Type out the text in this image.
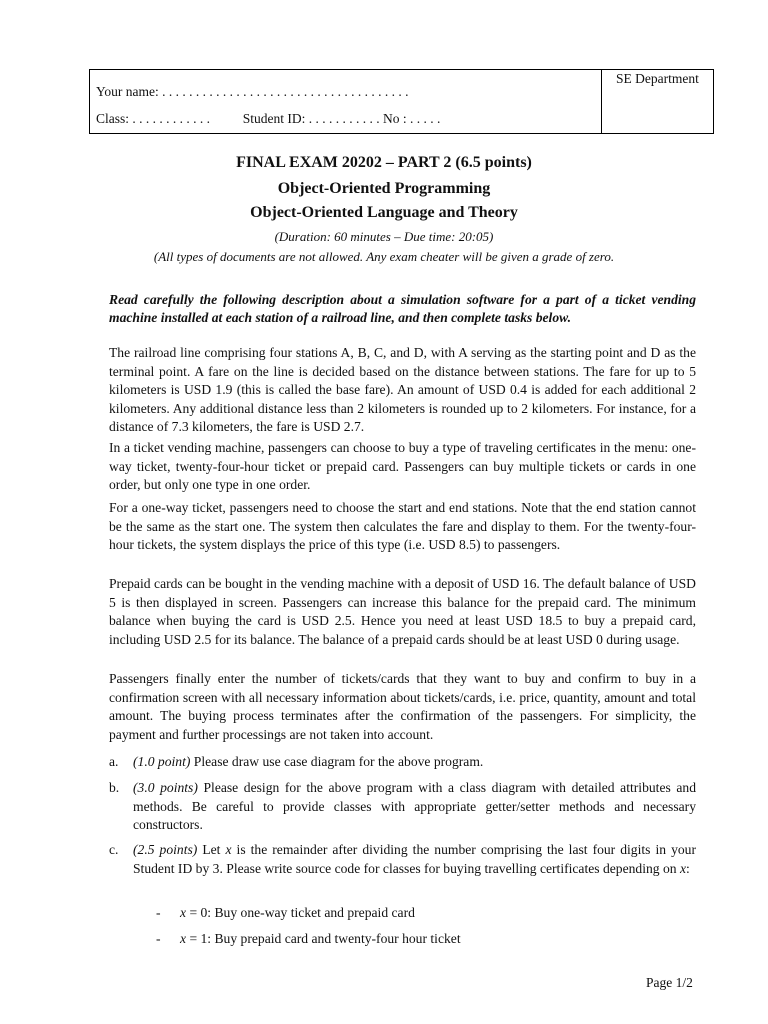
Your name: . . . . . . . . . . . . . . . . . . . . . . . . . . . . . . . . . . . . .
Class: . . . . . . . . . . . . Student ID: . . . . . . . . . . . No : . . . . .
SE Department
FINAL EXAM 20202 – PART 2 (6.5 points)
Object-Oriented Programming
Object-Oriented Language and Theory
(Duration: 60 minutes – Due time: 20:05)
(All types of documents are not allowed. Any exam cheater will be given a grade of zero.

Read carefully the following description about a simulation software for a part of a ticket vending machine installed at each station of a railroad line, and then complete tasks below.

The railroad line comprising four stations A, B, C, and D, with A serving as the starting point and D as the terminal point. A fare on the line is decided based on the distance between stations. The fare for up to 5 kilometers is USD 1.9 (this is called the base fare). An amount of USD 0.4 is added for each additional 2 kilometers. Any additional distance less than 2 kilometers is rounded up to 2 kilometers. For instance, for a distance of 7.3 kilometers, the fare is USD 2.7.

In a ticket vending machine, passengers can choose to buy a type of traveling certificates in the menu: one-way ticket, twenty-four-hour ticket or prepaid card. Passengers can buy multiple tickets or cards in one order, but only one type in one order.

For a one-way ticket, passengers need to choose the start and end stations. Note that the end station cannot be the same as the start one. The system then calculates the fare and display to them. For the twenty-four-hour tickets, the system displays the price of this type (i.e. USD 8.5) to passengers.

Prepaid cards can be bought in the vending machine with a deposit of USD 16. The default balance of USD 5 is then displayed in screen. Passengers can increase this balance for the prepaid card. The minimum balance when buying the card is USD 2.5. Hence you need at least USD 18.5 to buy a prepaid card, including USD 2.5 for its balance. The balance of a prepaid cards should be at least USD 0 during usage.

Passengers finally enter the number of tickets/cards that they want to buy and confirm to buy in a confirmation screen with all necessary information about tickets/cards, i.e. price, quantity, amount and total amount. The buying process terminates after the confirmation of the passengers. For simplicity, the payment and further processings are not taken into account.

a. (1.0 point) Please draw use case diagram for the above program.
b. (3.0 points) Please design for the above program with a class diagram with detailed attributes and methods. Be careful to provide classes with appropriate getter/setter methods and necessary constructors.
c. (2.5 points) Let x is the remainder after dividing the number comprising the last four digits in your Student ID by 3. Please write source code for classes for buying travelling certificates depending on x:
- x = 0: Buy one-way ticket and prepaid card
- x = 1: Buy prepaid card and twenty-four hour ticket
Page 1/2
